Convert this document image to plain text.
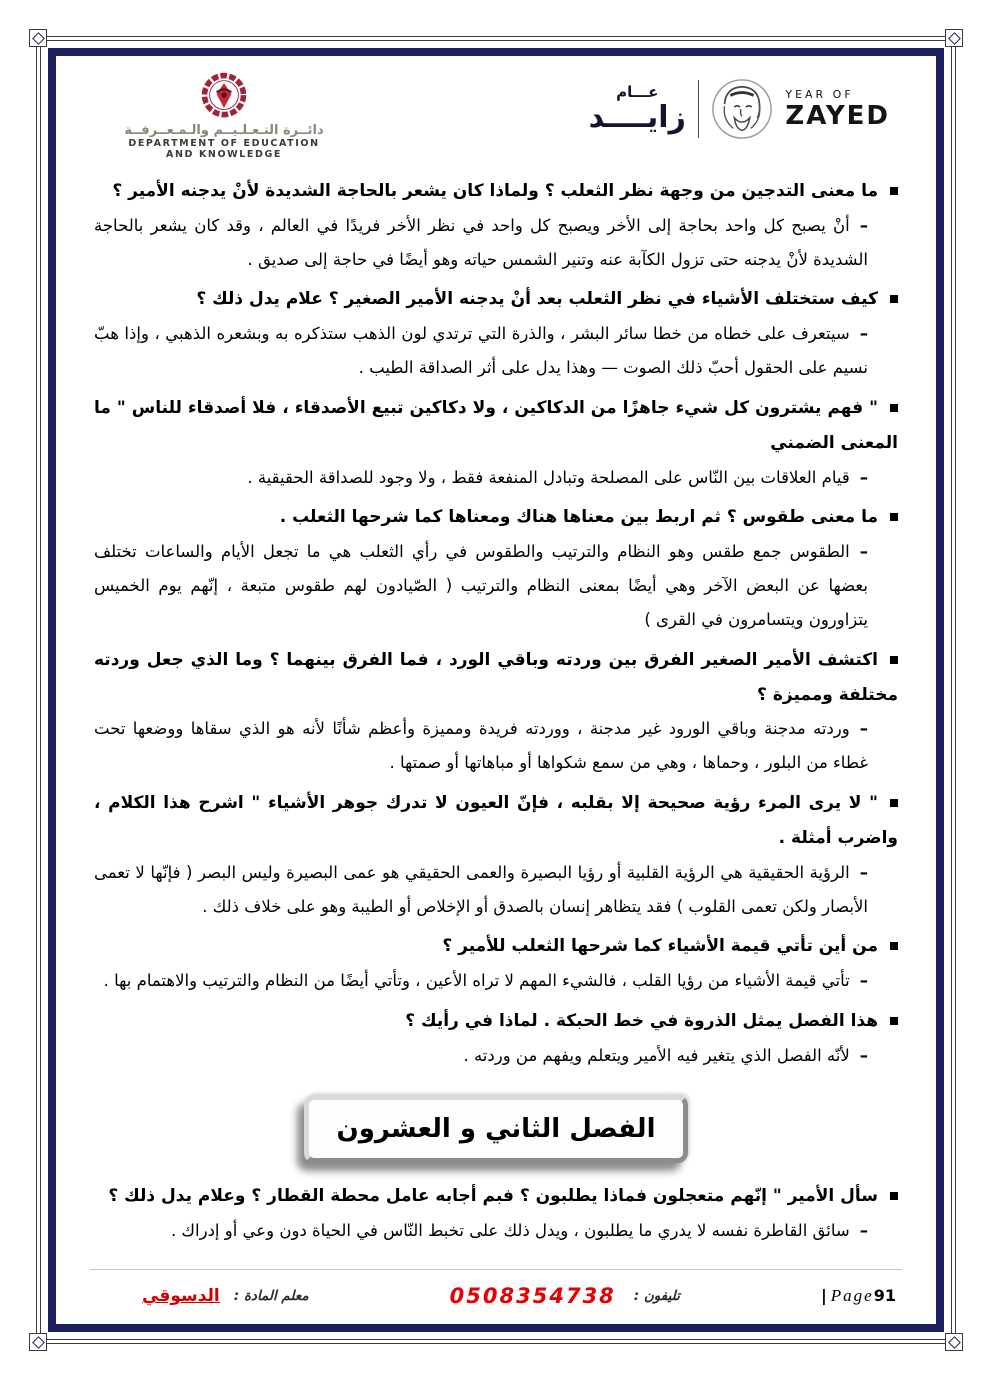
دائــرة التـعـلـيــم والـمـعــرفــة
DEPARTMENT OF EDUCATION
AND KNOWLEDGE
عـــام
زايــــد
YEAR OF
ZAYED
ما معنى التدجين من وجهة نظر الثعلب ؟ ولماذا كان يشعر بالحاجة الشديدة لأنْ يدجنه الأمير ؟
–أنْ يصبح كل واحد بحاجة إلى الأخر ويصبح كل واحد في نظر الأخر فريدًا في العالم ، وقد كان يشعر بالحاجة الشديدة لأنْ يدجنه حتى تزول الكآبة عنه وتنير الشمس حياته وهو أيضًا في حاجة إلى صديق .
كيف ستختلف الأشياء في نظر الثعلب بعد أنْ يدجنه الأمير الصغير ؟ علام يدل ذلك ؟
–سيتعرف على خطاه من خطا سائر البشر ، والذرة التي ترتدي لون الذهب ستذكره به وبشعره الذهبي ، وإذا هبّ نسيم على الحقول أحبّ ذلك الصوت — وهذا يدل على أثر الصداقة الطيب .
" فهم يشترون كل شيء جاهزًا من الدكاكين ، ولا دكاكين تبيع الأصدقاء ، فلا أصدقاء للناس " ما المعنى الضمني
–قيام العلاقات بين النّاس على المصلحة وتبادل المنفعة فقط ، ولا وجود للصداقة الحقيقية .
ما معنى طقوس ؟ ثم اربط بين معناها هناك ومعناها كما شرحها الثعلب .
–الطقوس جمع طقس وهو النظام والترتيب والطقوس في رأي الثعلب هي ما تجعل الأيام والساعات تختلف بعضها عن البعض الآخر وهي أيضًا بمعنى النظام والترتيب ( الصّيادون لهم طقوس متبعة ، إنّهم يوم الخميس يتزاورون ويتسامرون في القرى )
اكتشف الأمير الصغير الفرق بين وردته وباقي الورد ، فما الفرق بينهما ؟ وما الذي جعل وردته مختلفة ومميزة ؟
–وردته مدجنة وباقي الورود غير مدجنة ، ووردته فريدة ومميزة وأعظم شأنًا لأنه هو الذي سقاها ووضعها تحت غطاء من البلور ، وحماها ، وهي من سمع شكواها أو مباهاتها أو صمتها .
" لا يرى المرء رؤية صحيحة إلا بقلبه ، فإنّ العيون لا تدرك جوهر الأشياء " اشرح هذا الكلام ، واضرب أمثلة .
–الرؤية الحقيقية هي الرؤية القلبية أو رؤيا البصيرة والعمى الحقيقي هو عمى البصيرة وليس البصر ( فإنّها لا تعمى الأبصار ولكن تعمى القلوب ) فقد يتظاهر إنسان بالصدق أو الإخلاص أو الطيبة وهو على خلاف ذلك .
من أين تأتي قيمة الأشياء كما شرحها الثعلب للأمير ؟
–تأتي قيمة الأشياء من رؤيا القلب ، فالشيء المهم لا تراه الأعين ، وتأتي أيضًا من النظام والترتيب والاهتمام بها .
هذا الفصل يمثل الذروة في خط الحبكة . لماذا في رأيك ؟
–لأنّه الفصل الذي يتغير فيه الأمير ويتعلم ويفهم من وردته .
الفصل الثاني و العشرون
سأل الأمير " إنّهم متعجلون فماذا يطلبون ؟ فبم أجابه عامل محطة القطار ؟ وعلام يدل ذلك ؟
–سائق القاطرة نفسه لا يدري ما يطلبون ، ويدل ذلك على تخبط النّاس في الحياة دون وعي أو إدراك .
| Page91
تليفون :
0508354738
معلم المادة :
الدسوقي
